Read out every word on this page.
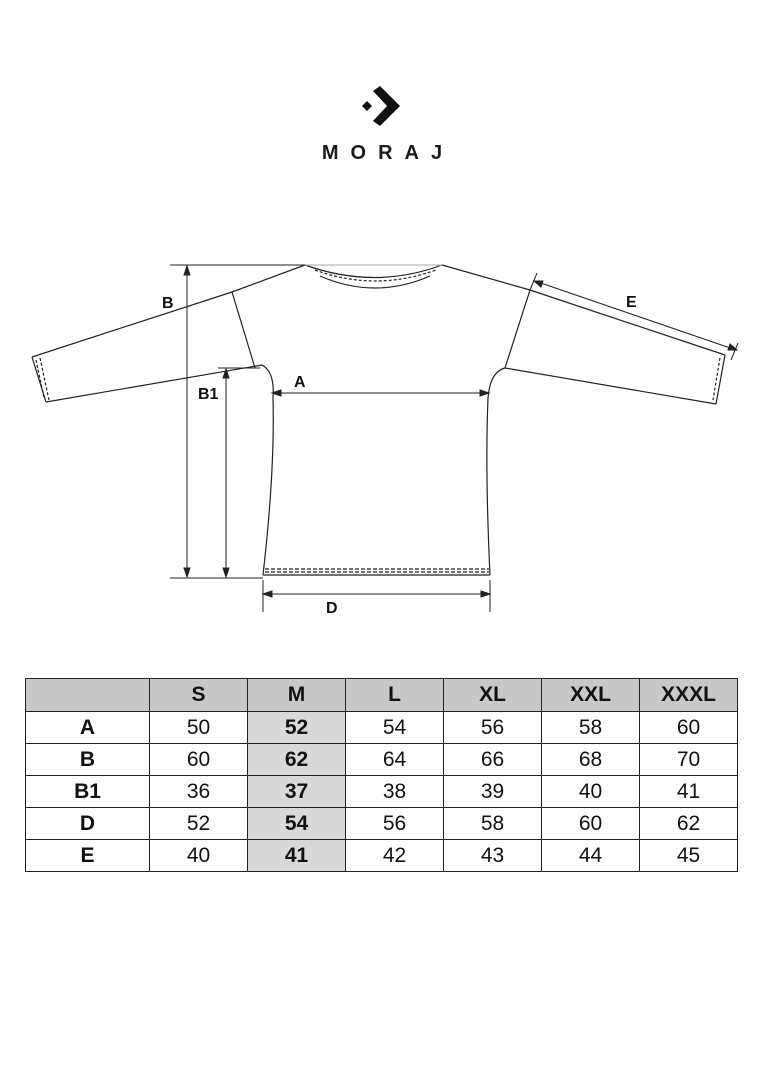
MORAJ
B
B1
A
D
E
	S	M	L	XL	XXL	XXXL
A	50	52	54	56	58	60
B	60	62	64	66	68	70
B1	36	37	38	39	40	41
D	52	54	56	58	60	62
E	40	41	42	43	44	45
